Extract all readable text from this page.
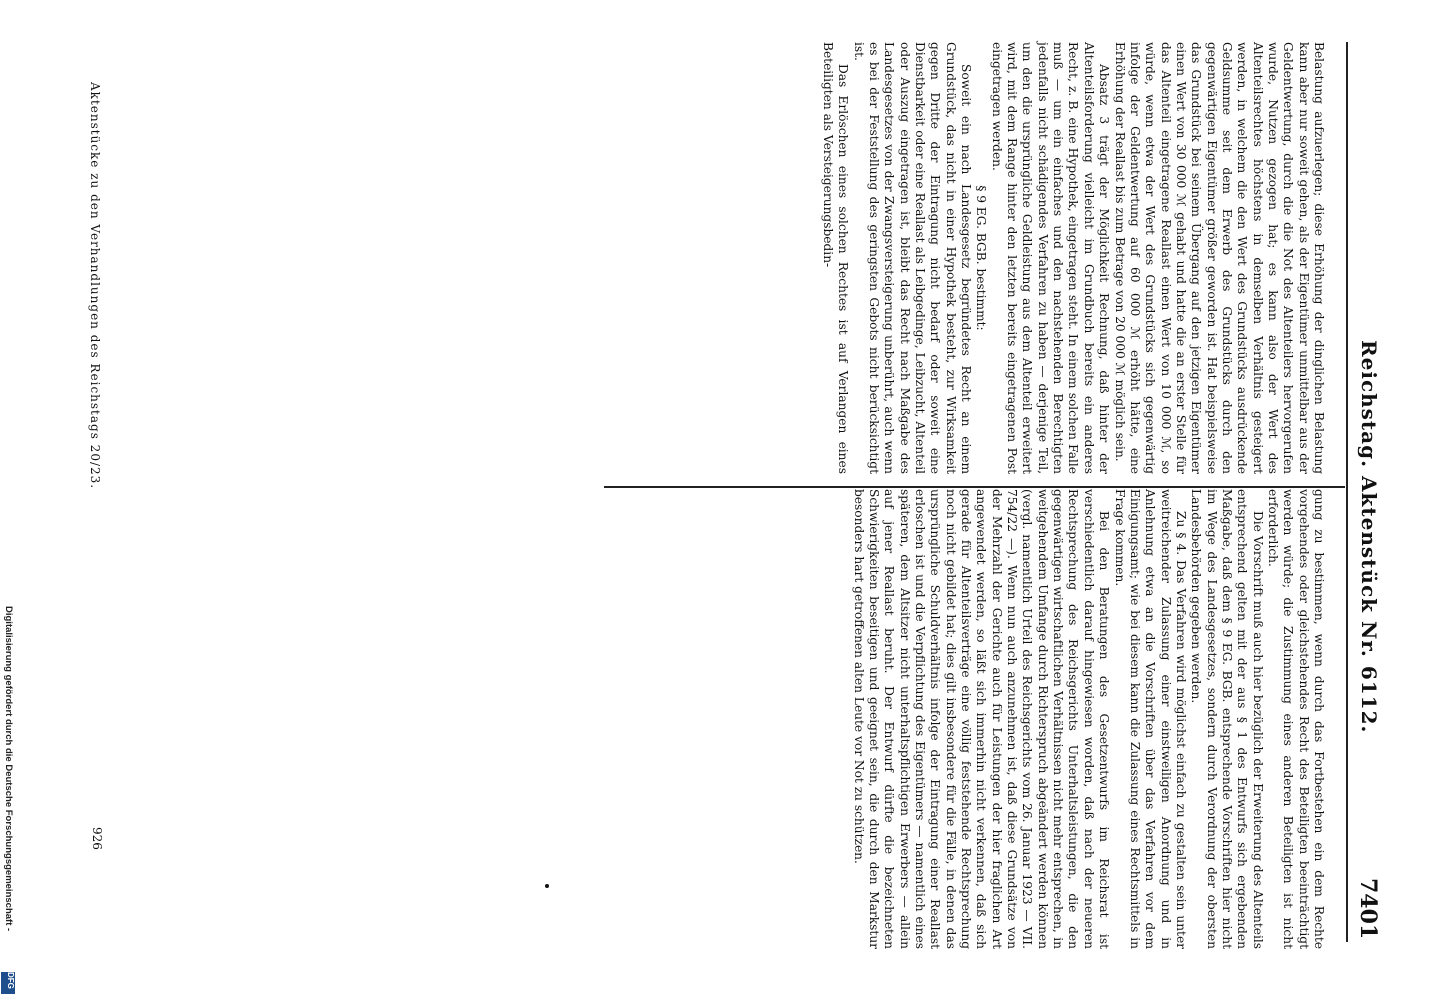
Reichstag. Aktenstück Nr. 6112.
7401

gung zu bestimmen, wenn durch das Fortbestehen ein dem Rechte vorgehendes oder gleichstehendes Recht des Beteiligten beeinträchtigt werden würde; die Zustimmung eines anderen Beteiligten ist nicht erforderlich.

Die Vorschrift muß auch hier bezüglich der Erweiterung des Altenteils entsprechend gelten mit der aus § 1 des Entwurfs sich ergebenden Maßgabe, daß dem § 9 EG. BGB. entsprechende Vorschriften hier nicht im Wege des Landesgesetzes, sondern durch Verordnung der obersten Landesbehörden gegeben werden.

Zu § 4. Das Verfahren wird möglichst einfach zu gestalten sein unter weitreichender Zulassung einer einstweiligen Anordnung und in Anlehnung etwa an die Vorschriften über das Verfahren vor dem Einigungsamt; wie bei diesem kann die Zulassung eines Rechtsmittels in Frage kommen.

Bei den Beratungen des Gesetzentwurfs im Reichsrat ist verschiedentlich darauf hingewiesen worden, daß nach der neueren Rechtsprechung des Reichsgerichts Unterhaltsleistungen, die den gegenwärtigen wirtschaftlichen Verhältnissen nicht mehr entsprechen, in weitgehendem Umfange durch Richterspruch abgeändert werden können (vergl. namentlich Urteil des Reichsgerichts vom 26. Januar 1923 — VII. 754/22 —). Wenn nun auch anzunehmen ist, daß diese Grundsätze von der Mehrzahl der Gerichte auch für Leistungen der hier fraglichen Art angewendet werden, so läßt sich immerhin nicht verkennen, daß sich gerade für Altenteilsverträge eine völlig feststehende Rechtsprechung noch nicht gebildet hat; dies gilt insbesondere für die Fälle, in denen das ursprüngliche Schuldverhältnis infolge der Eintragung einer Reallast erloschen ist und die Verpflichtung des Eigentümers — namentlich eines späteren, dem Altsitzer nicht unterhaltspflichtigen Erwerbers — allein auf jener Reallast beruht. Der Entwurf dürfte die bezeichneten Schwierigkeiten beseitigen und geeignet sein, die durch den Markstur besonders hart getroffenen alten Leute vor Not zu schützen.

Belastung aufzuerlegen; diese Erhöhung der dinglichen Belastung kann aber nur soweit gehen, als der Eigentümer unmittelbar aus der Geldentwertung, durch die die Not des Altenteilers hervorgerufen wurde, Nutzen gezogen hat; es kann also der Wert des Altenteilsrechtes höchstens in demselben Verhältnis gesteigert werden, in welchem die den Wert des Grundstücks ausdrückende Geldsumme seit dem Erwerb des Grundstücks durch den gegenwärtigen Eigentümer größer geworden ist. Hat beispielsweise das Grundstück bei seinem Übergang auf den jetzigen Eigentümer einen Wert von 30 000 ℳ gehabt und hatte die an erster Stelle für das Altenteil eingetragene Reallast einen Wert von 10 000 ℳ, so würde, wenn etwa der Wert des Grundstücks sich gegenwärtig infolge der Geldentwertung auf 60 000 ℳ erhöht hätte, eine Erhöhung der Reallast bis zum Betrage von 20 000 ℳ möglich sein.

Absatz 3 trägt der Möglichkeit Rechnung, daß hinter der Altenteilsforderung vielleicht im Grundbuch bereits ein anderes Recht, z. B. eine Hypothek, eingetragen steht. In einem solchen Falle muß — um ein einfaches und den nachstehenden Berechtigten jedenfalls nicht schädigendes Verfahren zu haben — derjenige Teil, um den die ursprüngliche Geldleistung aus dem Altenteil erweitert wird, mit dem Range hinter den letzten bereits eingetragenen Post eingetragen werden.

§ 9 EG. BGB. bestimmt:

Soweit ein nach Landesgesetz begründetes Recht an einem Grundstück, das nicht in einer Hypothek besteht, zur Wirksamkeit gegen Dritte der Eintragung nicht bedarf oder soweit eine Dienstbarkeit oder eine Reallast als Leibgedinge, Leibzucht, Altenteil oder Auszug eingetragen ist, bleibt das Recht nach Maßgabe des Landesgesetzes von der Zwangsversteigerung unberührt, auch wenn es bei der Feststellung des geringsten Gebots nicht berücksichtigt ist.

Das Erlöschen eines solchen Rechtes ist auf Verlangen eines Beteiligten als Versteigerungsbedin-

Aktenstücke zu den Verhandlungen des Reichstags 20/23.
926
Digitalisierung gefördert durch die Deutsche Forschungsgemeinschaft -
DFG
